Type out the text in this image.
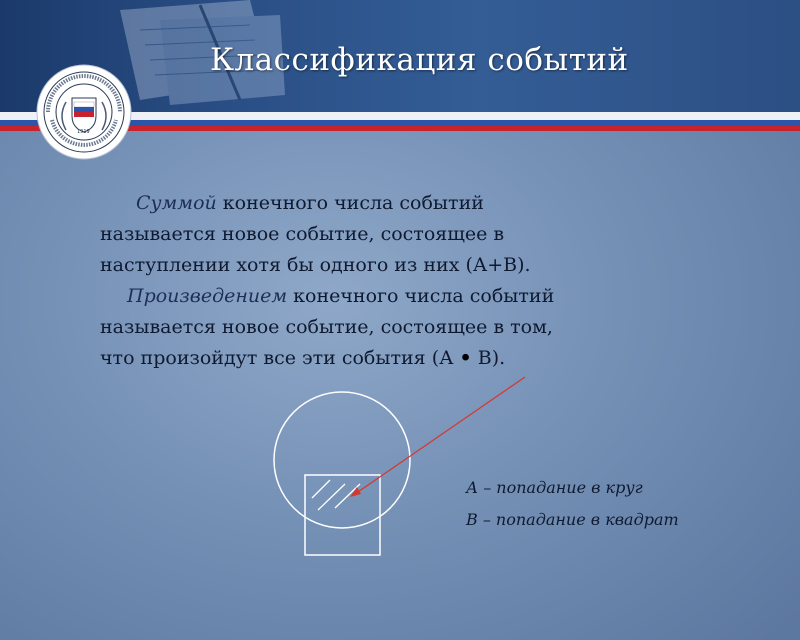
Классификация событий
1919

Суммой конечного числа событий

называется новое событие, состоящее в

наступлении хотя бы одного из них (А+В).

Произведением конечного числа событий

называется новое событие, состоящее в том,

что произойдут все эти события (А • В).

А – попадание в круг
В – попадание в квадрат
